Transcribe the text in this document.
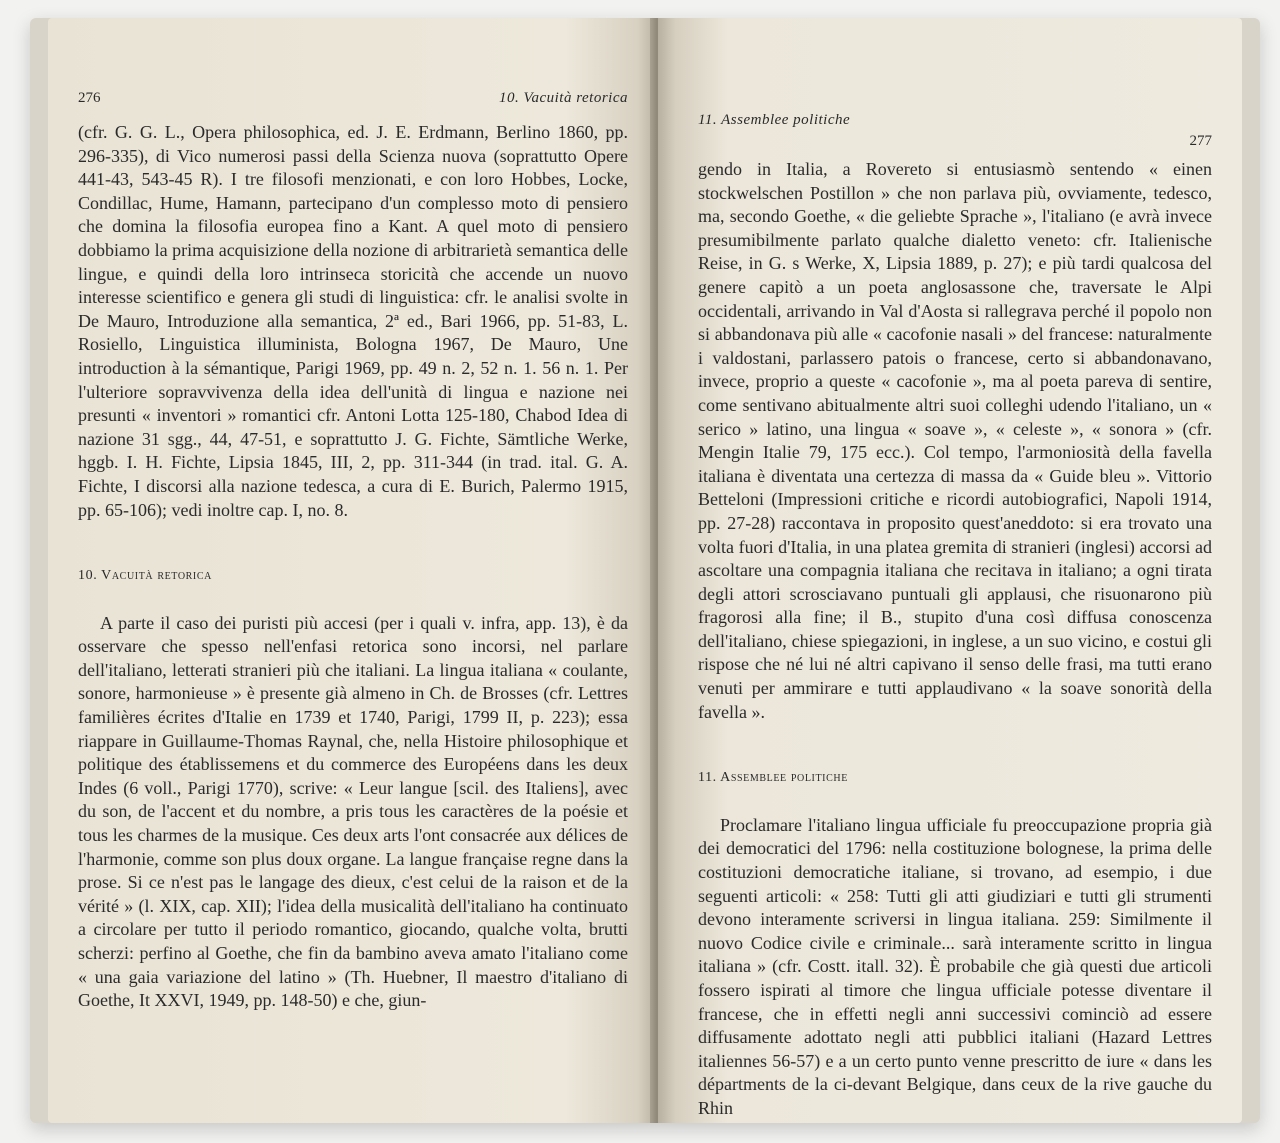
276	10. Vacuità retorica

(cfr. G. G. L., Opera philosophica, ed. J. E. Erdmann, Berlino 1860, pp. 296-335), di Vico numerosi passi della Scienza nuova (soprattutto Opere 441-43, 543-45 R). I tre filosofi menzionati, e con loro Hobbes, Locke, Condillac, Hume, Hamann, partecipano d'un complesso moto di pensiero che domina la filosofia europea fino a Kant. A quel moto di pensiero dobbiamo la prima acquisizione della nozione di arbitrarietà semantica delle lingue, e quindi della loro intrinseca storicità che accende un nuovo interesse scientifico e genera gli studi di linguistica: cfr. le analisi svolte in De Mauro, Introduzione alla semantica, 2ª ed., Bari 1966, pp. 51-83, L. Rosiello, Linguistica illuminista, Bologna 1967, De Mauro, Une introduction à la sémantique, Parigi 1969, pp. 49 n. 2, 52 n. 1. 56 n. 1. Per l'ulteriore sopravvivenza della idea dell'unità di lingua e nazione nei presunti « inventori » romantici cfr. Antoni Lotta 125-180, Chabod Idea di nazione 31 sgg., 44, 47-51, e soprattutto J. G. Fichte, Sämtliche Werke, hggb. I. H. Fichte, Lipsia 1845, III, 2, pp. 311-344 (in trad. ital. G. A. Fichte, I discorsi alla nazione tedesca, a cura di E. Burich, Palermo 1915, pp. 65-106); vedi inoltre cap. I, no. 8.

10. Vacuità retorica

A parte il caso dei puristi più accesi (per i quali v. infra, app. 13), è da osservare che spesso nell'enfasi retorica sono incorsi, nel parlare dell'italiano, letterati stranieri più che italiani. La lingua italiana « coulante, sonore, harmonieuse » è presente già almeno in Ch. de Brosses (cfr. Lettres familières écrites d'Italie en 1739 et 1740, Parigi, 1799 II, p. 223); essa riappare in Guillaume-Thomas Raynal, che, nella Histoire philosophique et politique des établissemens et du commerce des Européens dans les deux Indes (6 voll., Parigi 1770), scrive: « Leur langue [scil. des Italiens], avec du son, de l'accent et du nombre, a pris tous les caractères de la poésie et tous les charmes de la musique. Ces deux arts l'ont consacrée aux délices de l'harmonie, comme son plus doux organe. La langue française regne dans la prose. Si ce n'est pas le langage des dieux, c'est celui de la raison et de la vérité » (l. XIX, cap. XII); l'idea della musicalità dell'italiano ha continuato a circolare per tutto il periodo romantico, giocando, qualche volta, brutti scherzi: perfino al Goethe, che fin da bambino aveva amato l'italiano come « una gaia variazione del latino » (Th. Huebner, Il maestro d'italiano di Goethe, It XXVI, 1949, pp. 148-50) e che, giun-

11. Assemblee politiche
277

gendo in Italia, a Rovereto si entusiasmò sentendo « einen stockwelschen Postillon » che non parlava più, ovviamente, tedesco, ma, secondo Goethe, « die geliebte Sprache », l'italiano (e avrà invece presumibilmente parlato qualche dialetto veneto: cfr. Italienische Reise, in G. s Werke, X, Lipsia 1889, p. 27); e più tardi qualcosa del genere capitò a un poeta anglosassone che, traversate le Alpi occidentali, arrivando in Val d'Aosta si rallegrava perché il popolo non si abbandonava più alle « cacofonie nasali » del francese: naturalmente i valdostani, parlassero patois o francese, certo si abbandonavano, invece, proprio a queste « cacofonie », ma al poeta pareva di sentire, come sentivano abitualmente altri suoi colleghi udendo l'italiano, un « serico » latino, una lingua « soave », « celeste », « sonora » (cfr. Mengin Italie 79, 175 ecc.). Col tempo, l'armoniosità della favella italiana è diventata una certezza di massa da « Guide bleu ». Vittorio Betteloni (Impressioni critiche e ricordi autobiografici, Napoli 1914, pp. 27-28) raccontava in proposito quest'aneddoto: si era trovato una volta fuori d'Italia, in una platea gremita di stranieri (inglesi) accorsi ad ascoltare una compagnia italiana che recitava in italiano; a ogni tirata degli attori scrosciavano puntuali gli applausi, che risuonarono più fragorosi alla fine; il B., stupito d'una così diffusa conoscenza dell'italiano, chiese spiegazioni, in inglese, a un suo vicino, e costui gli rispose che né lui né altri capivano il senso delle frasi, ma tutti erano venuti per ammirare e tutti applaudivano « la soave sonorità della favella ».

11. Assemblee politiche

Proclamare l'italiano lingua ufficiale fu preoccupazione propria già dei democratici del 1796: nella costituzione bolognese, la prima delle costituzioni democratiche italiane, si trovano, ad esempio, i due seguenti articoli: « 258: Tutti gli atti giudiziari e tutti gli strumenti devono interamente scriversi in lingua italiana. 259: Similmente il nuovo Codice civile e criminale... sarà interamente scritto in lingua italiana » (cfr. Costt. itall. 32). È probabile che già questi due articoli fossero ispirati al timore che lingua ufficiale potesse diventare il francese, che in effetti negli anni successivi cominciò ad essere diffusamente adottato negli atti pubblici italiani (Hazard Lettres italiennes 56-57) e a un certo punto venne prescritto de iure « dans les départments de la ci-devant Belgique, dans ceux de la rive gauche du Rhin
